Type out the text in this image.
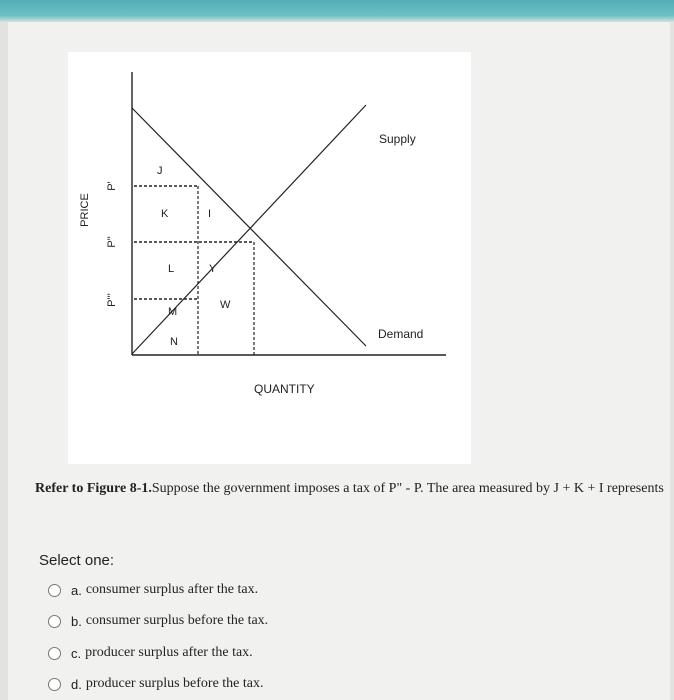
PRICE
P'
P"
P'''
J
K	I
L	Y
M
W
N
Supply
Demand
QUANTITY
Refer to Figure 8-1.Suppose the government imposes a tax of P" - P. The area measured by J + K + I represents
Select one:
a. consumer surplus after the tax.
b. consumer surplus before the tax.
c. producer surplus after the tax.
d. producer surplus before the tax.
